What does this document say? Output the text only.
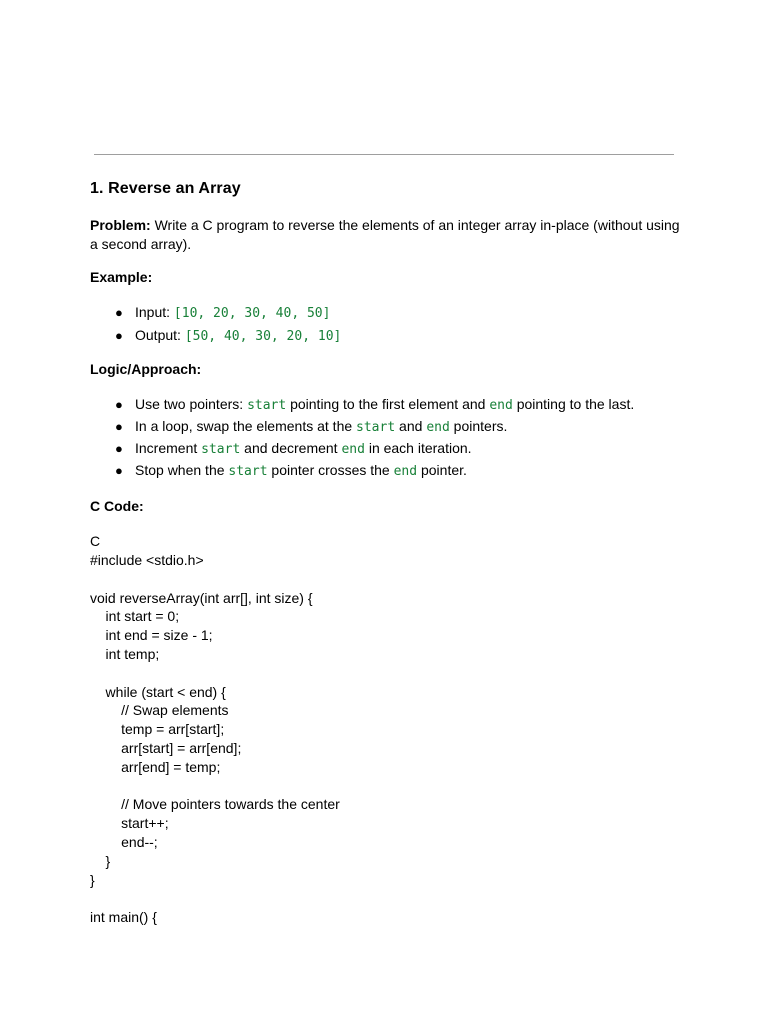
1. Reverse an Array

Problem: Write a C program to reverse the elements of an integer array in-place (without using a second array).

Example:

● Input: [10, 20, 30, 40, 50]
● Output: [50, 40, 30, 20, 10]

Logic/Approach:

● Use two pointers: start pointing to the first element and end pointing to the last.
● In a loop, swap the elements at the start and end pointers.
● Increment start and decrement end in each iteration.
● Stop when the start pointer crosses the end pointer.

C Code:

C
#include <stdio.h>

void reverseArray(int arr[], int size) {
int start = 0;
int end = size - 1;
int temp;

while (start < end) {
// Swap elements
temp = arr[start];
arr[start] = arr[end];
arr[end] = temp;

// Move pointers towards the center
start++;
end--;
}
}

int main() {
